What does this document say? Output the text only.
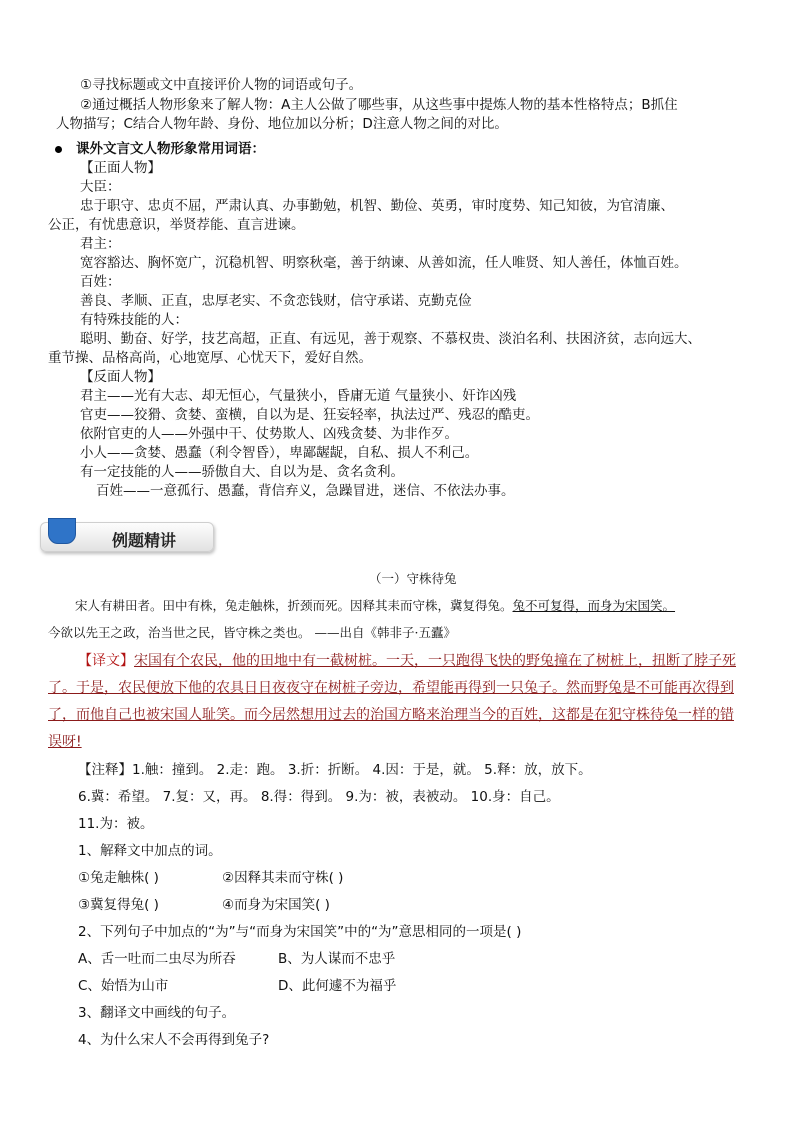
①寻找标题或文中直接评价人物的词语或句子。
②通过概括人物形象来了解人物：A主人公做了哪些事，从这些事中提炼人物的基本性格特点；B抓住
人物描写；C结合人物年龄、身份、地位加以分析；D注意人物之间的对比。
课外文言文人物形象常用词语：
【正面人物】
大臣：
忠于职守、忠贞不屈，严肃认真、办事勤勉，机智、勤俭、英勇，审时度势、知己知彼，为官清廉、
公正，有忧患意识，举贤荐能、直言进谏。
君主：
宽容豁达、胸怀宽广，沉稳机智、明察秋毫，善于纳谏、从善如流，任人唯贤、知人善任，体恤百姓。
百姓：
善良、孝顺、正直，忠厚老实、不贪恋钱财，信守承诺、克勤克俭
有特殊技能的人：
聪明、勤奋、好学，技艺高超，正直、有远见，善于观察、不慕权贵、淡泊名利、扶困济贫，志向远大、
重节操、品格高尚，心地宽厚、心忧天下，爱好自然。
【反面人物】
君主——光有大志、却无恒心，气量狭小，昏庸无道 气量狭小、奸诈凶残
官吏——狡猾、贪婪、蛮横，自以为是、狂妄轻率，执法过严、残忍的酷吏。
依附官吏的人——外强中干、仗势欺人、凶残贪婪、为非作歹。
小人——贪婪、愚蠢（利令智昏），卑鄙龌龊，自私、损人不利己。
有一定技能的人——骄傲自大、自以为是、贪名贪利。
百姓——一意孤行、愚蠢，背信弃义，急躁冒进，迷信、不依法办事。
例题精讲
（一）守株待兔
宋人有耕田者。田中有株，兔走触株，折颈而死。因释其耒而守株，冀复得兔。兔不可复得，而身为宋国笑。
今欲以先王之政，治当世之民，皆守株之类也。 ——出自《韩非子·五蠹》
【译文】宋国有个农民，他的田地中有一截树桩。一天，一只跑得飞快的野兔撞在了树桩上，扭断了脖子死
了。于是，农民便放下他的农具日日夜夜守在树桩子旁边，希望能再得到一只兔子。然而野兔是不可能再次得到
了，而他自己也被宋国人耻笑。而今居然想用过去的治国方略来治理当今的百姓，这都是在犯守株待兔一样的错
误呀!
【注释】1.触：撞到。 2.走：跑。 3.折：折断。 4.因：于是，就。 5.释：放，放下。
6.冀：希望。 7.复：又，再。 8.得：得到。 9.为：被，表被动。 10.身：自己。
11.为：被。
1、解释文中加点的词。
①兔走触株( )	②因释其耒而守株( )
③冀复得兔( )	④而身为宋国笑( )
2、下列句子中加点的“为”与“而身为宋国笑”中的“为”意思相同的一项是( )
A、舌一吐而二虫尽为所吞	B、为人谋而不忠乎
C、始悟为山市	D、此何遽不为福乎
3、翻译文中画线的句子。
4、为什么宋人不会再得到兔子?
